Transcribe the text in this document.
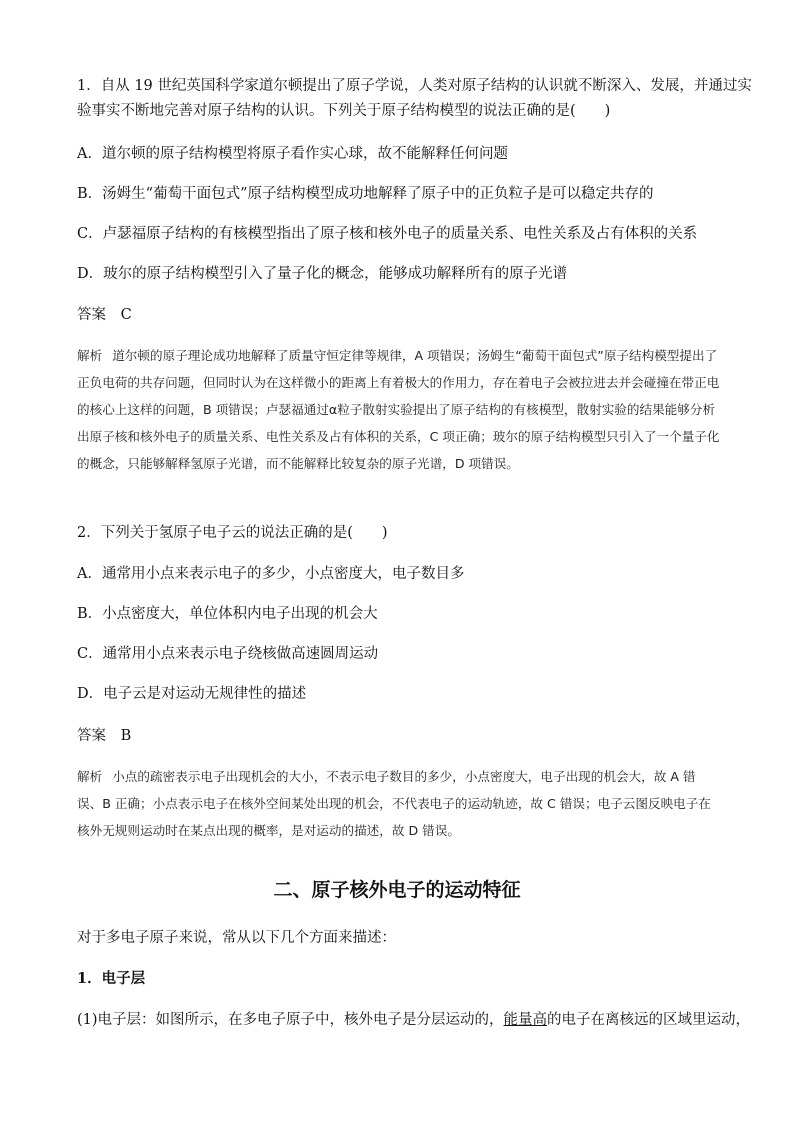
1．自从 19 世纪英国科学家道尔顿提出了原子学说，人类对原子结构的认识就不断深入、发展，并通过实
验事实不断地完善对原子结构的认识。下列关于原子结构模型的说法正确的是(　　)
A．道尔顿的原子结构模型将原子看作实心球，故不能解释任何问题
B．汤姆生“葡萄干面包式”原子结构模型成功地解释了原子中的正负粒子是可以稳定共存的
C．卢瑟福原子结构的有核模型指出了原子核和核外电子的质量关系、电性关系及占有体积的关系
D．玻尔的原子结构模型引入了量子化的概念，能够成功解释所有的原子光谱
答案 C
解析 道尔顿的原子理论成功地解释了质量守恒定律等规律，A 项错误；汤姆生“葡萄干面包式”原子结构模型提出了正负电荷的共存问题，但同时认为在这样微小的距离上有着极大的作用力，存在着电子会被拉进去并会碰撞在带正电的核心上这样的问题，B 项错误；卢瑟福通过α粒子散射实验提出了原子结构的有核模型，散射实验的结果能够分析出原子核和核外电子的质量关系、电性关系及占有体积的关系，C 项正确；玻尔的原子结构模型只引入了一个量子化的概念，只能够解释氢原子光谱，而不能解释比较复杂的原子光谱，D 项错误。
2．下列关于氢原子电子云的说法正确的是(　　)
A．通常用小点来表示电子的多少，小点密度大，电子数目多
B．小点密度大，单位体积内电子出现的机会大
C．通常用小点来表示电子绕核做高速圆周运动
D．电子云是对运动无规律性的描述
答案 B
解析 小点的疏密表示电子出现机会的大小，不表示电子数目的多少，小点密度大，电子出现的机会大，故 A 错误、B 正确；小点表示电子在核外空间某处出现的机会，不代表电子的运动轨迹，故 C 错误；电子云图反映电子在核外无规则运动时在某点出现的概率，是对运动的描述，故 D 错误。
二、原子核外电子的运动特征
对于多电子原子来说，常从以下几个方面来描述：
1．电子层
(1)电子层：如图所示，在多电子原子中，核外电子是分层运动的，能量高的电子在离核远的区域里运动，
